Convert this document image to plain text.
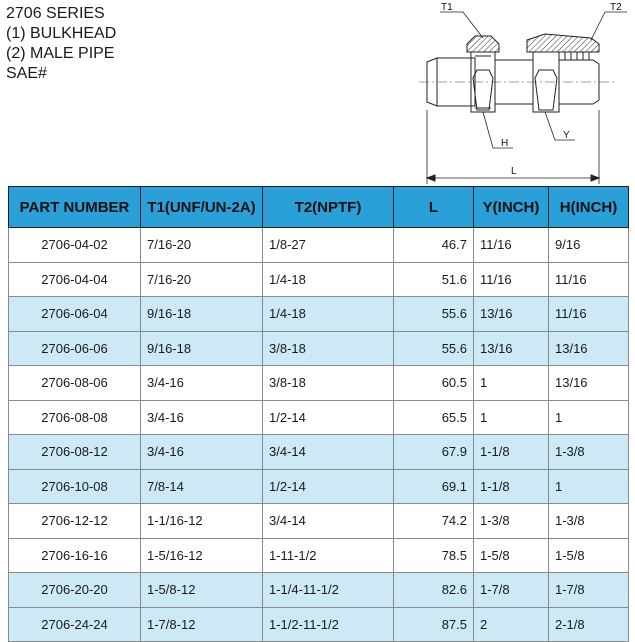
2706 SERIES
(1) BULKHEAD
(2) MALE PIPE
SAE#
T1	T2
H
Y
L
PART NUMBER	T1(UNF/UN-2A)	T2(NPTF)	L	Y(INCH)	H(INCH)
2706-04-02	7/16-20	1/8-27	46.7	11/16	9/16
2706-04-04	7/16-20	1/4-18	51.6	11/16	11/16
2706-06-04	9/16-18	1/4-18	55.6	13/16	11/16
2706-06-06	9/16-18	3/8-18	55.6	13/16	13/16
2706-08-06	3/4-16	3/8-18	60.5	1	13/16
2706-08-08	3/4-16	1/2-14	65.5	1	1
2706-08-12	3/4-16	3/4-14	67.9	1-1/8	1-3/8
2706-10-08	7/8-14	1/2-14	69.1	1-1/8	1
2706-12-12	1-1/16-12	3/4-14	74.2	1-3/8	1-3/8
2706-16-16	1-5/16-12	1-11-1/2	78.5	1-5/8	1-5/8
2706-20-20	1-5/8-12	1-1/4-11-1/2	82.6	1-7/8	1-7/8
2706-24-24	1-7/8-12	1-1/2-11-1/2	87.5	2	2-1/8
